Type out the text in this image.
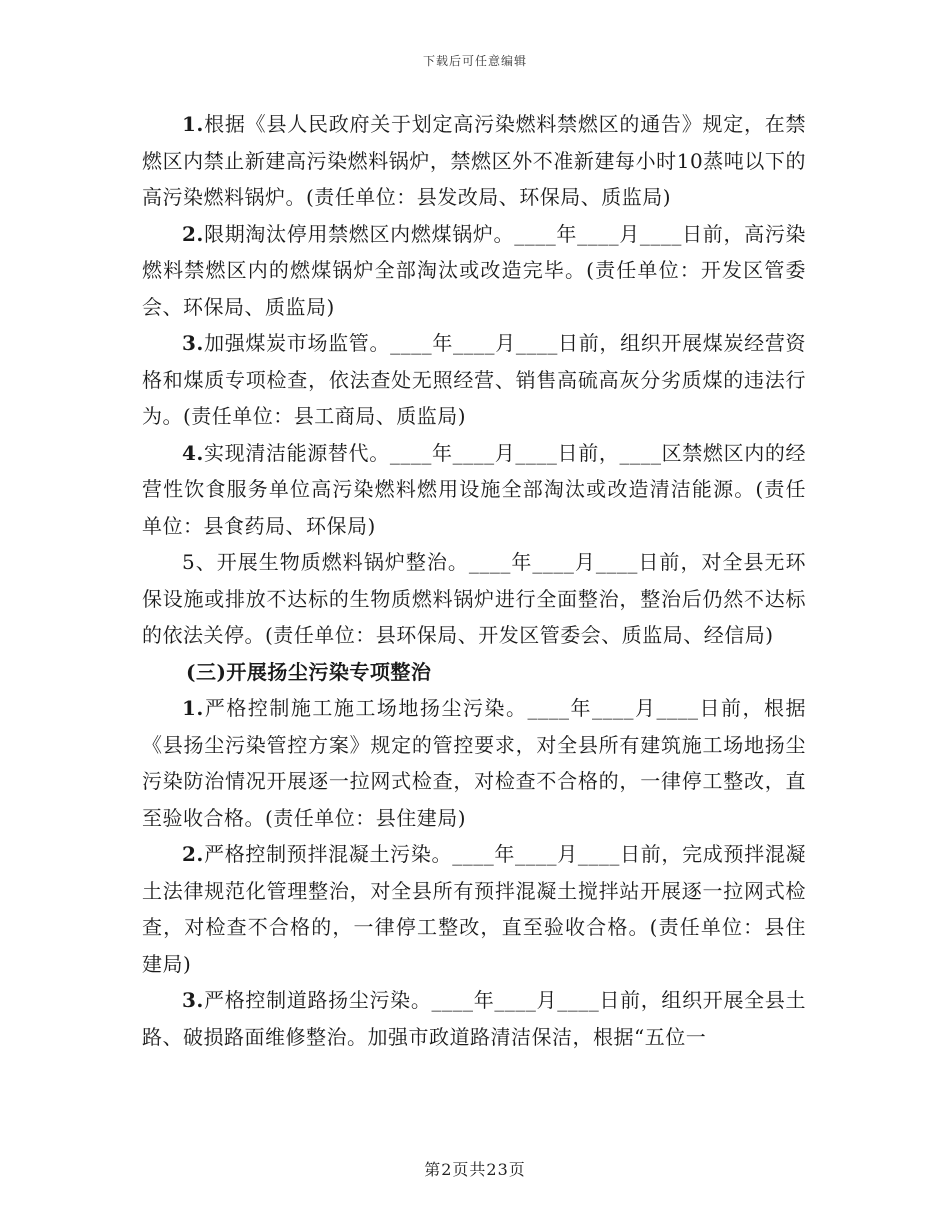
下载后可任意编辑

1.根据《县人民政府关于划定高污染燃料禁燃区的通告》规定，在禁燃区内禁止新建高污染燃料锅炉，禁燃区外不准新建每小时10蒸吨以下的高污染燃料锅炉。(责任单位：县发改局、环保局、质监局)

2.限期淘汰停用禁燃区内燃煤锅炉。____年____月____日前，高污染燃料禁燃区内的燃煤锅炉全部淘汰或改造完毕。(责任单位：开发区管委会、环保局、质监局)

3.加强煤炭市场监管。____年____月____日前，组织开展煤炭经营资格和煤质专项检查，依法查处无照经营、销售高硫高灰分劣质煤的违法行为。(责任单位：县工商局、质监局)

4.实现清洁能源替代。____年____月____日前，____区禁燃区内的经营性饮食服务单位高污染燃料燃用设施全部淘汰或改造清洁能源。(责任单位：县食药局、环保局)

5、开展生物质燃料锅炉整治。____年____月____日前，对全县无环保设施或排放不达标的生物质燃料锅炉进行全面整治，整治后仍然不达标的依法关停。(责任单位：县环保局、开发区管委会、质监局、经信局)

(三)开展扬尘污染专项整治

1.严格控制施工施工场地扬尘污染。____年____月____日前，根据《县扬尘污染管控方案》规定的管控要求，对全县所有建筑施工场地扬尘污染防治情况开展逐一拉网式检查，对检查不合格的，一律停工整改，直至验收合格。(责任单位：县住建局)

2.严格控制预拌混凝土污染。____年____月____日前，完成预拌混凝土法律规范化管理整治，对全县所有预拌混凝土搅拌站开展逐一拉网式检查，对检查不合格的，一律停工整改，直至验收合格。(责任单位：县住建局)

3.严格控制道路扬尘污染。____年____月____日前，组织开展全县土路、破损路面维修整治。加强市政道路清洁保洁，根据“五位一

第2页共23页
